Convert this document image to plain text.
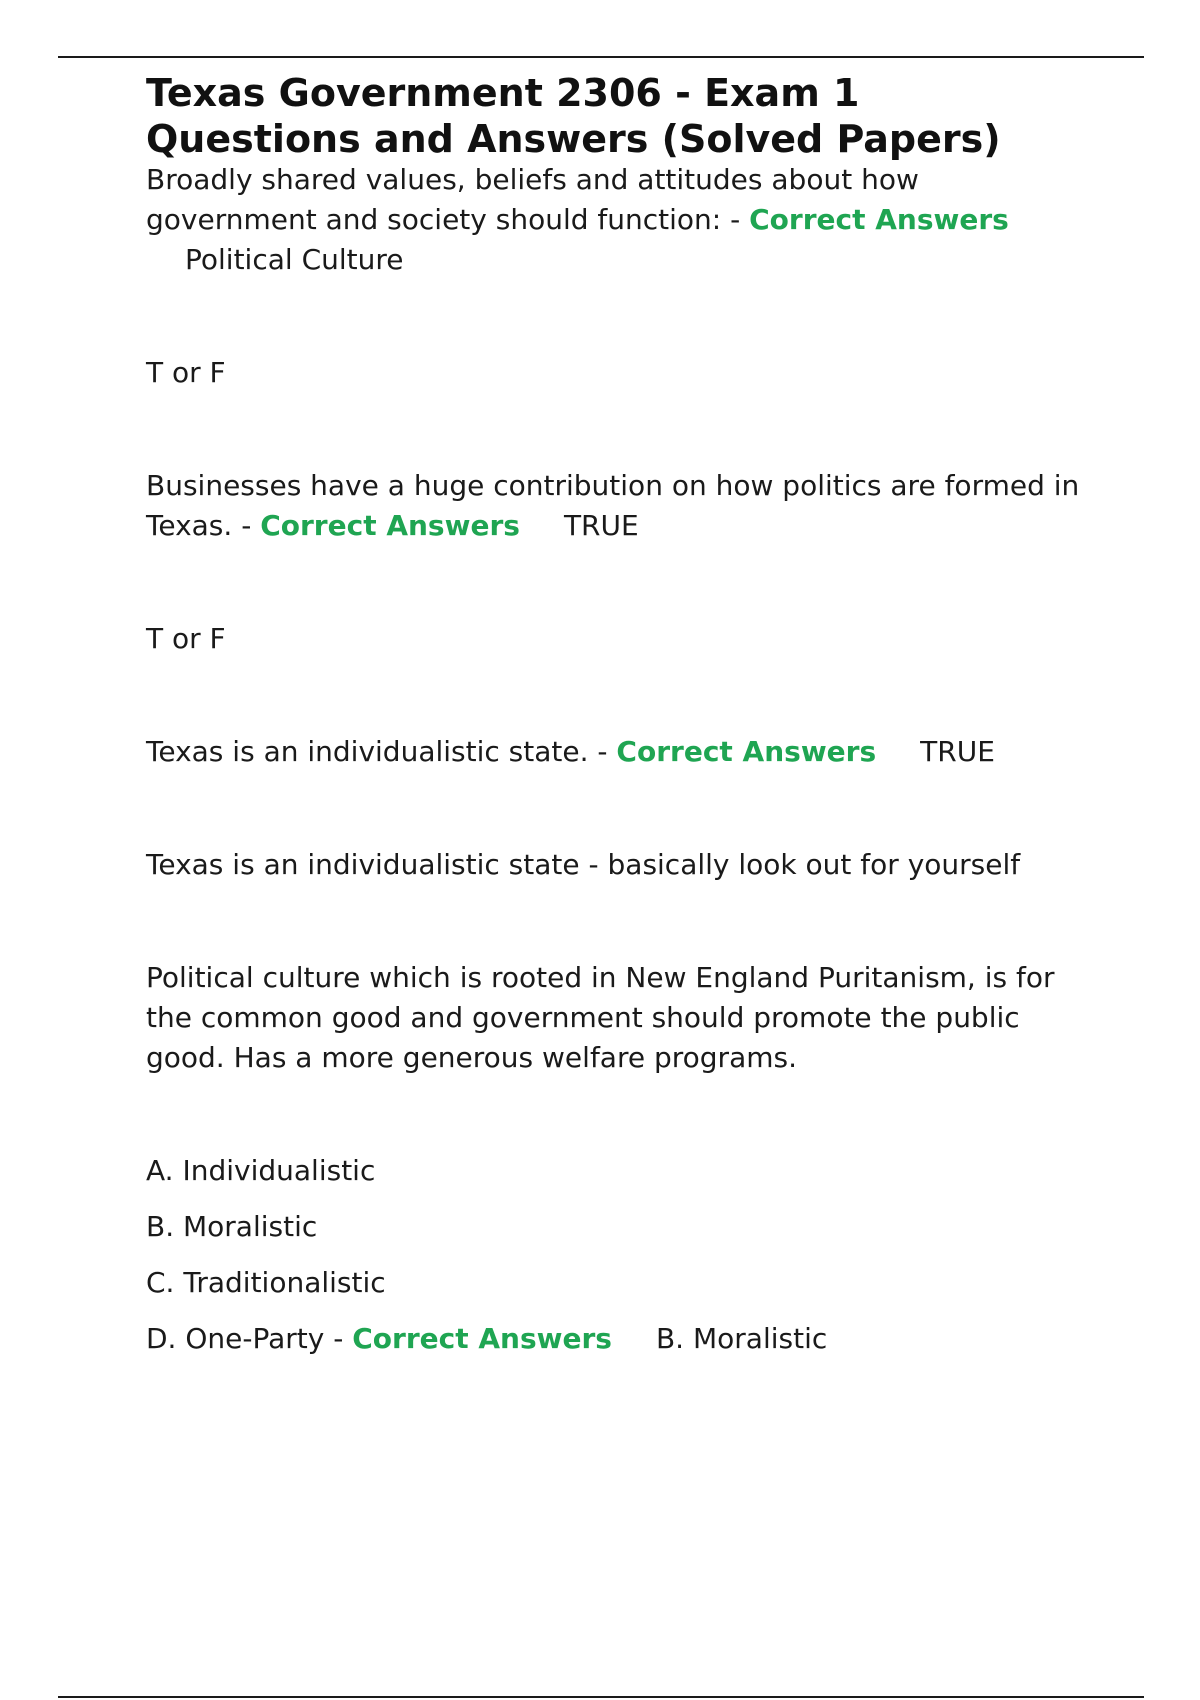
Texas Government 2306 - Exam 1 Questions and Answers (Solved Papers)

Broadly shared values, beliefs and attitudes about how government and society should function: - Correct Answers

Political Culture

T or F

Businesses have a huge contribution on how politics are formed in Texas. - Correct Answers TRUE

T or F

Texas is an individualistic state. - Correct Answers TRUE

Texas is an individualistic state - basically look out for yourself

Political culture which is rooted in New England Puritanism, is for the common good and government should promote the public good. Has a more generous welfare programs.

A. Individualistic

B. Moralistic

C. Traditionalistic

D. One-Party - Correct Answers B. Moralistic
